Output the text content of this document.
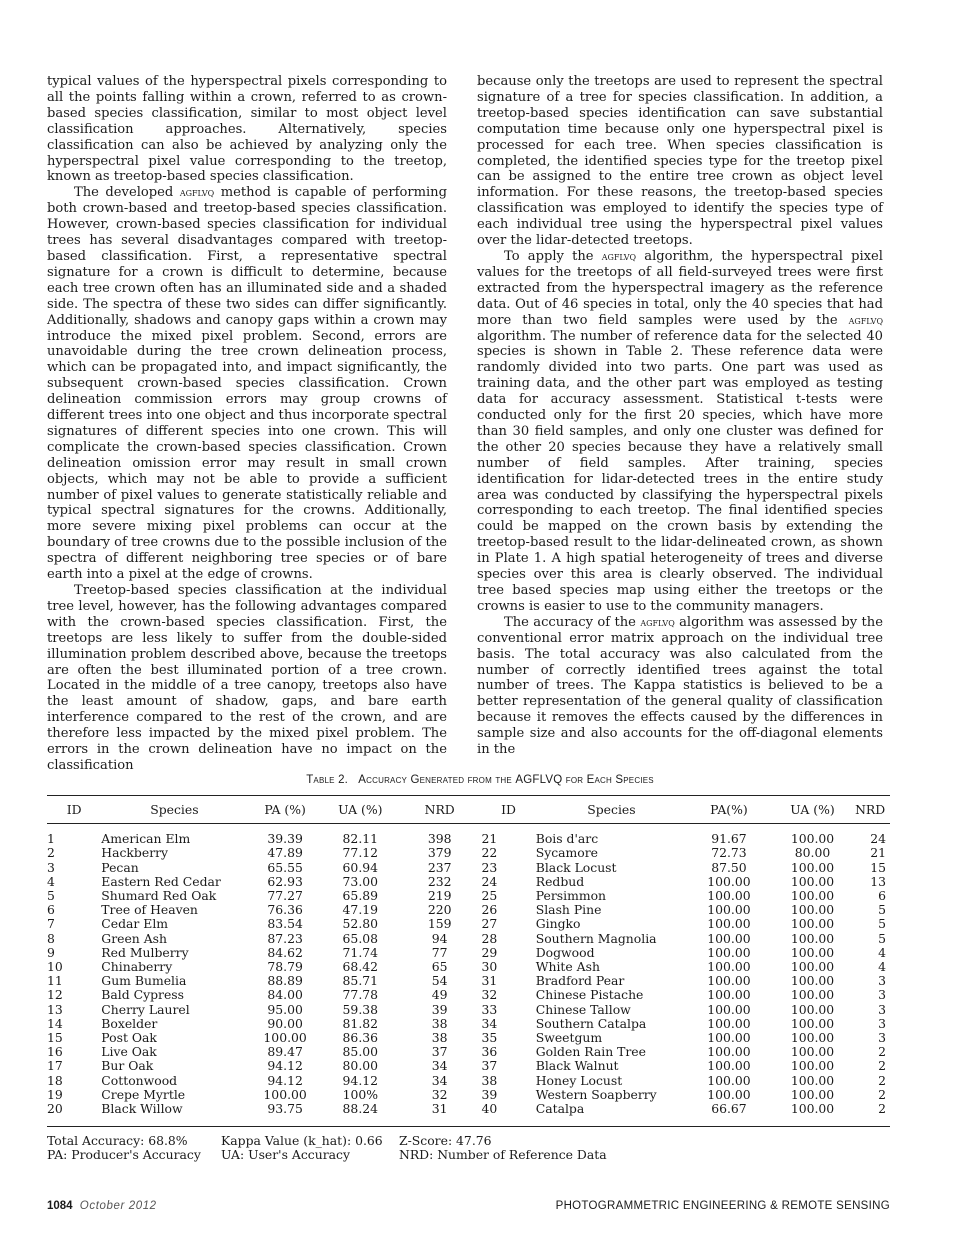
typical values of the hyperspectral pixels corresponding to all the points falling within a crown, referred to as crown-based species classification, similar to most object level classification approaches. Alternatively, species classification can also be achieved by analyzing only the hyperspectral pixel value corresponding to the treetop, known as treetop-based species classification.

The developed agflvq method is capable of performing both crown-based and treetop-based species classification. However, crown-based species classification for individual trees has several disadvantages compared with treetop-based classification. First, a representative spectral signature for a crown is difficult to determine, because each tree crown often has an illuminated side and a shaded side. The spectra of these two sides can differ significantly. Additionally, shadows and canopy gaps within a crown may introduce the mixed pixel problem. Second, errors are unavoidable during the tree crown delineation process, which can be propagated into, and impact significantly, the subsequent crown-based species classification. Crown delineation commission errors may group crowns of different trees into one object and thus incorporate spectral signatures of different species into one crown. This will complicate the crown-based species classification. Crown delineation omission error may result in small crown objects, which may not be able to provide a sufficient number of pixel values to generate statistically reliable and typical spectral signatures for the crowns. Additionally, more severe mixing pixel problems can occur at the boundary of tree crowns due to the possible inclusion of the spectra of different neighboring tree species or of bare earth into a pixel at the edge of crowns.

Treetop-based species classification at the individual tree level, however, has the following advantages compared with the crown-based species classification. First, the treetops are less likely to suffer from the double-sided illumination problem described above, because the treetops are often the best illuminated portion of a tree crown. Located in the middle of a tree canopy, treetops also have the least amount of shadow, gaps, and bare earth interference compared to the rest of the crown, and are therefore less impacted by the mixed pixel problem. The errors in the crown delineation have no impact on the classification

because only the treetops are used to represent the spectral signature of a tree for species classification. In addition, a treetop-based species identification can save substantial computation time because only one hyperspectral pixel is processed for each tree. When species classification is completed, the identified species type for the treetop pixel can be assigned to the entire tree crown as object level information. For these reasons, the treetop-based species classification was employed to identify the species type of each individual tree using the hyperspectral pixel values over the lidar-detected treetops.

To apply the agflvq algorithm, the hyperspectral pixel values for the treetops of all field-surveyed trees were first extracted from the hyperspectral imagery as the reference data. Out of 46 species in total, only the 40 species that had more than two field samples were used by the agflvq algorithm. The number of reference data for the selected 40 species is shown in Table 2. These reference data were randomly divided into two parts. One part was used as training data, and the other part was employed as testing data for accuracy assessment. Statistical t-tests were conducted only for the first 20 species, which have more than 30 field samples, and only one cluster was defined for the other 20 species because they have a relatively small number of field samples. After training, species identification for lidar-detected trees in the entire study area was conducted by classifying the hyperspectral pixels corresponding to each treetop. The final identified species could be mapped on the crown basis by extending the treetop-based result to the lidar-delineated crown, as shown in Plate 1. A high spatial heterogeneity of trees and diverse species over this area is clearly observed. The individual tree based species map using either the treetops or the crowns is easier to use to the community managers.

The accuracy of the agflvq algorithm was assessed by the conventional error matrix approach on the individual tree basis. The total accuracy was also calculated from the number of correctly identified trees against the total number of trees. The Kappa statistics is believed to be a better representation of the general quality of classification because it removes the effects caused by the differences in sample size and also accounts for the off-diagonal elements in the

Table 2. Accuracy Generated from the AGFLVQ for Each Species
ID	Species	PA (%)	UA (%)	NRD	ID	Species	PA(%)	UA (%)	NRD
1	American Elm	39.39	82.11	398	21	Bois d'arc	91.67	100.00	24
2	Hackberry	47.89	77.12	379	22	Sycamore	72.73	80.00	21
3	Pecan	65.55	60.94	237	23	Black Locust	87.50	100.00	15
4	Eastern Red Cedar	62.93	73.00	232	24	Redbud	100.00	100.00	13
5	Shumard Red Oak	77.27	65.89	219	25	Persimmon	100.00	100.00	6
6	Tree of Heaven	76.36	47.19	220	26	Slash Pine	100.00	100.00	5
7	Cedar Elm	83.54	52.80	159	27	Gingko	100.00	100.00	5
8	Green Ash	87.23	65.08	94	28	Southern Magnolia	100.00	100.00	5
9	Red Mulberry	84.62	71.74	77	29	Dogwood	100.00	100.00	4
10	Chinaberry	78.79	68.42	65	30	White Ash	100.00	100.00	4
11	Gum Bumelia	88.89	85.71	54	31	Bradford Pear	100.00	100.00	3
12	Bald Cypress	84.00	77.78	49	32	Chinese Pistache	100.00	100.00	3
13	Cherry Laurel	95.00	59.38	39	33	Chinese Tallow	100.00	100.00	3
14	Boxelder	90.00	81.82	38	34	Southern Catalpa	100.00	100.00	3
15	Post Oak	100.00	86.36	38	35	Sweetgum	100.00	100.00	3
16	Live Oak	89.47	85.00	37	36	Golden Rain Tree	100.00	100.00	2
17	Bur Oak	94.12	80.00	34	37	Black Walnut	100.00	100.00	2
18	Cottonwood	94.12	94.12	34	38	Honey Locust	100.00	100.00	2
19	Crepe Myrtle	100.00	100%	32	39	Western Soapberry	100.00	100.00	2
20	Black Willow	93.75	88.24	31	40	Catalpa	66.67	100.00	2
Total Accuracy: 68.8%	Kappa Value (k_hat): 0.66 Z-Score: 47.76
PA: Producer's Accuracy UA: User's Accuracy	NRD: Number of Reference Data
1084 October 2012	PHOTOGRAMMETRIC ENGINEERING & REMOTE SENSING
